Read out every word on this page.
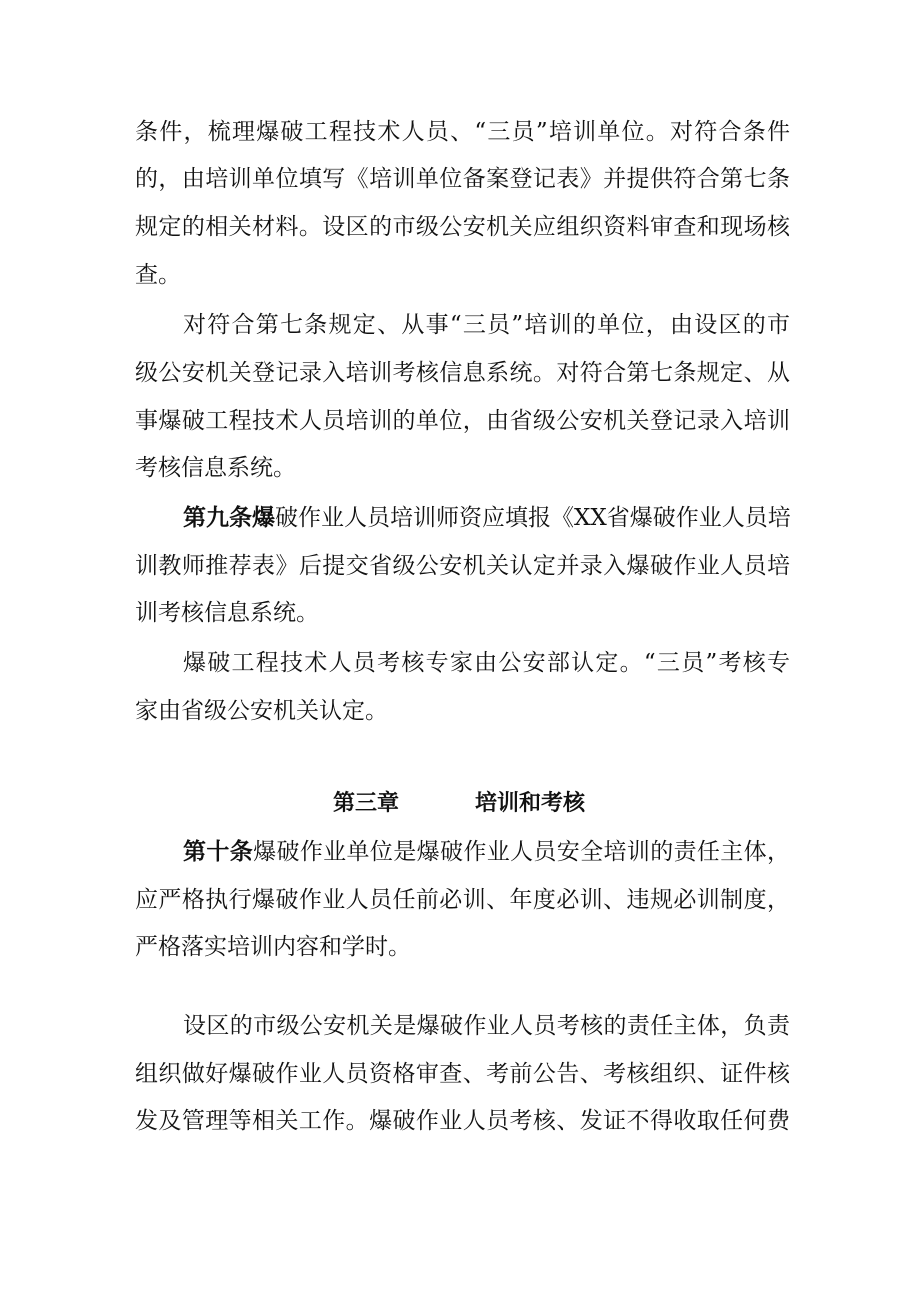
条件，梳理爆破工程技术人员、“三员”培训单位。对符合条件
的，由培训单位填写《培训单位备案登记表》并提供符合第七条
规定的相关材料。设区的市级公安机关应组织资料审查和现场核
查。
对符合第七条规定、从事“三员”培训的单位，由设区的市
级公安机关登记录入培训考核信息系统。对符合第七条规定、从
事爆破工程技术人员培训的单位，由省级公安机关登记录入培训
考核信息系统。
第九条爆破作业人员培训师资应填报《XX省爆破作业人员培
训教师推荐表》后提交省级公安机关认定并录入爆破作业人员培
训考核信息系统。
爆破工程技术人员考核专家由公安部认定。“三员”考核专
家由省级公安机关认定。
第三章	培训和考核
第十条爆破作业单位是爆破作业人员安全培训的责任主体，
应严格执行爆破作业人员任前必训、年度必训、违规必训制度，
严格落实培训内容和学时。
设区的市级公安机关是爆破作业人员考核的责任主体，负责
组织做好爆破作业人员资格审查、考前公告、考核组织、证件核
发及管理等相关工作。爆破作业人员考核、发证不得收取任何费
